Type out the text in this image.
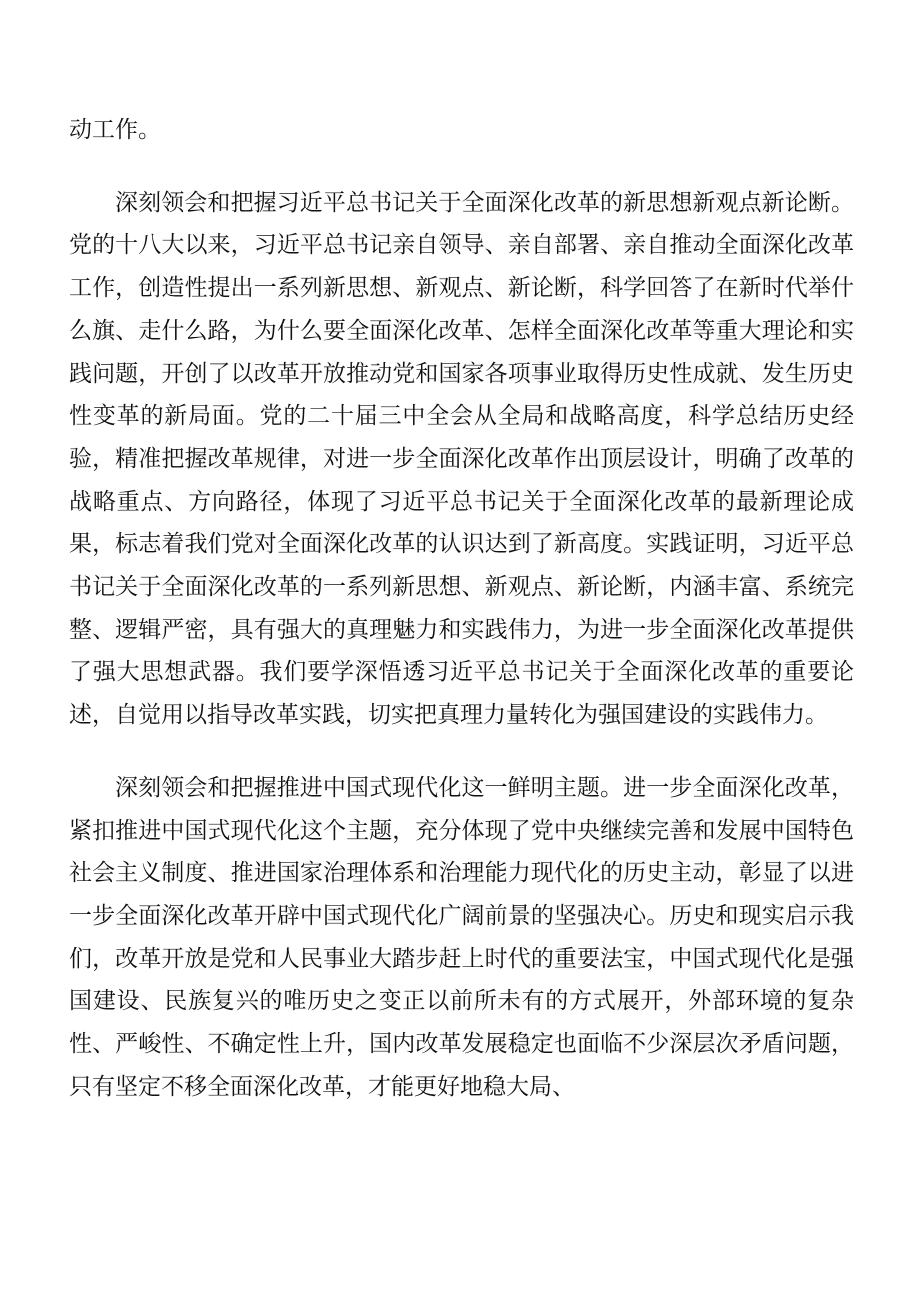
动工作。

深刻领会和把握习近平总书记关于全面深化改革的新思想新观点新论断。党的十八大以来，习近平总书记亲自领导、亲自部署、亲自推动全面深化改革工作，创造性提出一系列新思想、新观点、新论断，科学回答了在新时代举什么旗、走什么路，为什么要全面深化改革、怎样全面深化改革等重大理论和实践问题，开创了以改革开放推动党和国家各项事业取得历史性成就、发生历史性变革的新局面。党的二十届三中全会从全局和战略高度，科学总结历史经验，精准把握改革规律，对进一步全面深化改革作出顶层设计，明确了改革的战略重点、方向路径，体现了习近平总书记关于全面深化改革的最新理论成果，标志着我们党对全面深化改革的认识达到了新高度。实践证明，习近平总书记关于全面深化改革的一系列新思想、新观点、新论断，内涵丰富、系统完整、逻辑严密，具有强大的真理魅力和实践伟力，为进一步全面深化改革提供了强大思想武器。我们要学深悟透习近平总书记关于全面深化改革的重要论述，自觉用以指导改革实践，切实把真理力量转化为强国建设的实践伟力。

深刻领会和把握推进中国式现代化这一鲜明主题。进一步全面深化改革，紧扣推进中国式现代化这个主题，充分体现了党中央继续完善和发展中国特色社会主义制度、推进国家治理体系和治理能力现代化的历史主动，彰显了以进一步全面深化改革开辟中国式现代化广阔前景的坚强决心。历史和现实启示我们，改革开放是党和人民事业大踏步赶上时代的重要法宝，中国式现代化是强国建设、民族复兴的唯历史之变正以前所未有的方式展开，外部环境的复杂性、严峻性、不确定性上升，国内改革发展稳定也面临不少深层次矛盾问题，只有坚定不移全面深化改革，才能更好地稳大局、
